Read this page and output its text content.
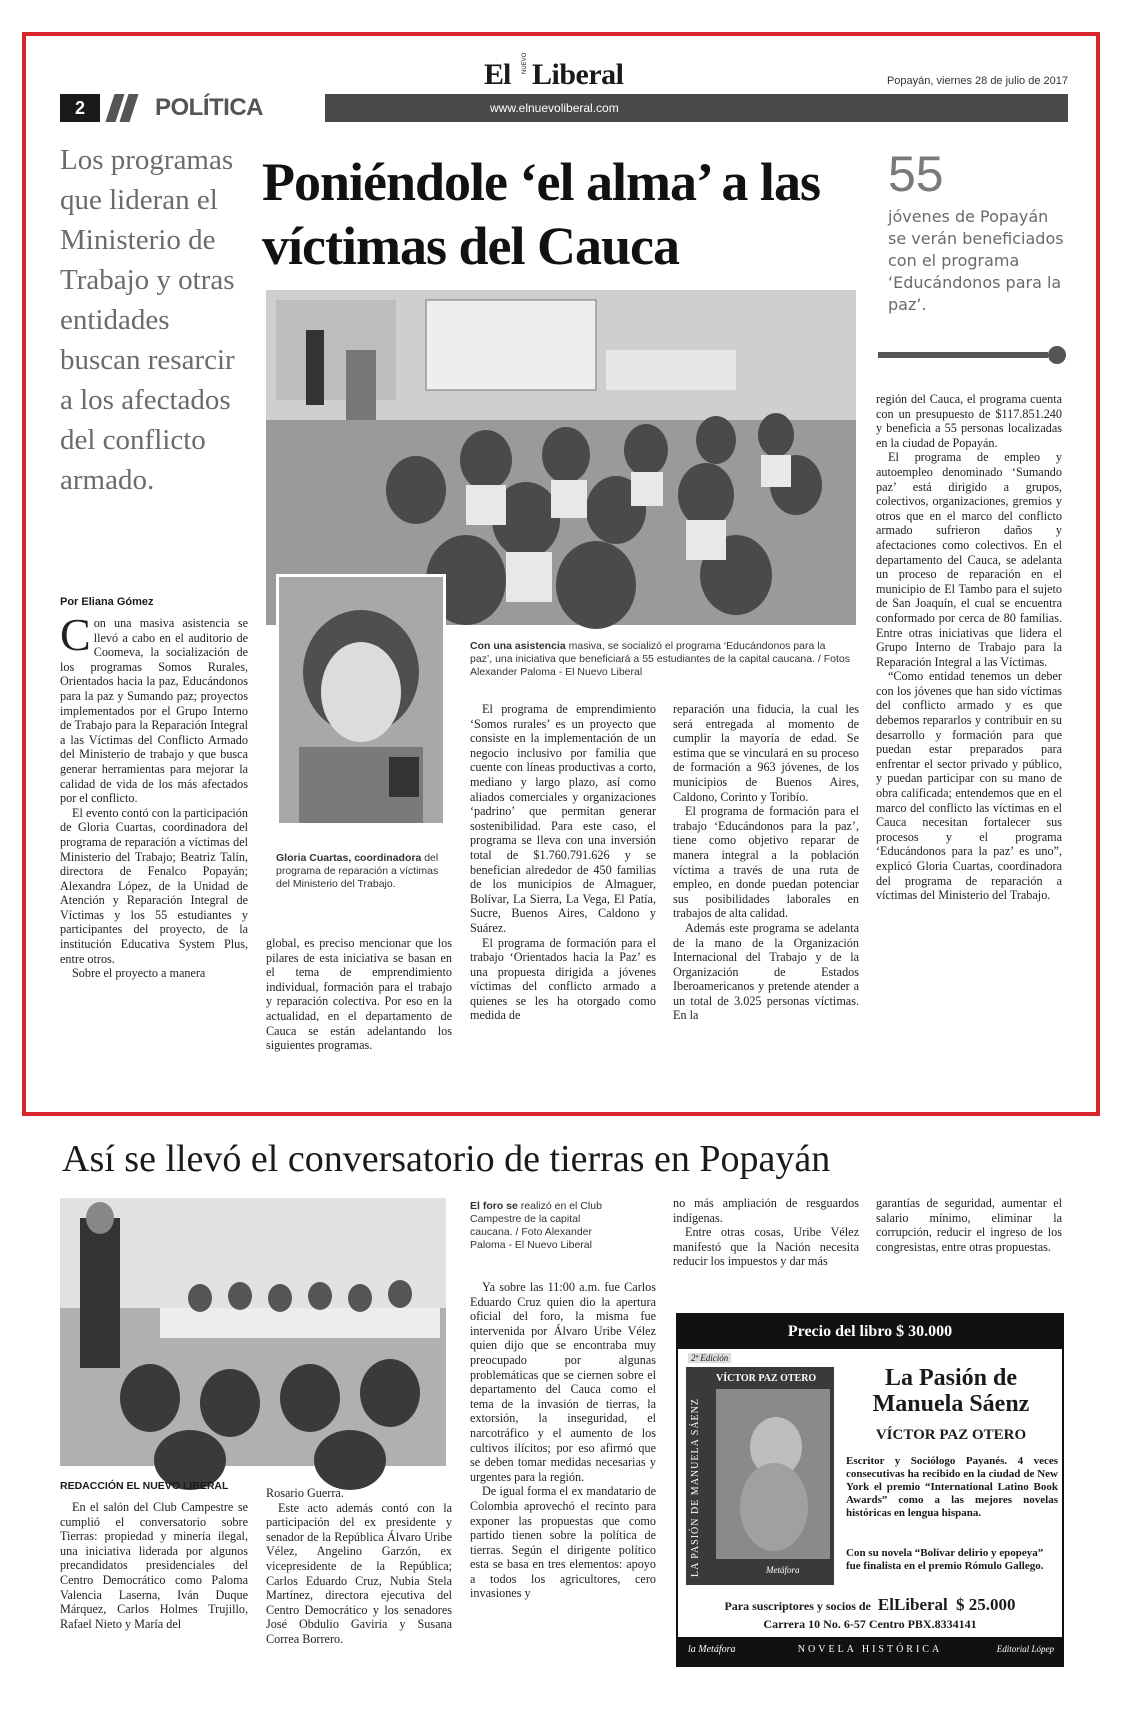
El NUEVO Liberal	Popayán, viernes 28 de julio de 2017
2	POLÍTICA	www.elnuevoliberal.com
Los programas que lideran el Ministerio de Trabajo y otras entidades buscan resarcir a los afectados del conflicto armado.
Poniéndole ‘el alma’ a las víctimas del Cauca
55
jóvenes de Popayán se verán beneficiados con el programa ‘Educándonos para la paz’.
Con una asistencia masiva, se socializó el programa ‘Educándonos para la paz’, una iniciativa que beneficiará a 55 estudiantes de la capital caucana. / Fotos Alexander Paloma - El Nuevo Liberal
Gloria Cuartas, coordinadora del programa de reparación a víctimas del Ministerio del Trabajo.
Por Eliana Gómez

Con una masiva asistencia se llevó a cabo en el auditorio de Coomeva, la socialización de los programas Somos Rurales, Orientados hacia la paz, Educándonos para la paz y Sumando paz; proyectos implementados por el Grupo Interno de Trabajo para la Reparación Integral a las Víctimas del Conflicto Armado del Ministerio de trabajo y que busca generar herramientas para mejorar la calidad de vida de los más afectados por el conflicto.

El evento contó con la participación de Gloria Cuartas, coordinadora del programa de reparación a víctimas del Ministerio del Trabajo; Beatriz Talín, directora de Fenalco Popayán; Alexandra López, de la Unidad de Atención y Reparación Integral de Víctimas y los 55 estudiantes y participantes del proyecto, de la institución Educativa System Plus, entre otros.

Sobre el proyecto a manera

global, es preciso mencionar que los pilares de esta iniciativa se basan en el tema de emprendimiento individual, formación para el trabajo y reparación colectiva. Por eso en la actualidad, en el departamento de Cauca se están adelantando los siguientes programas.

El programa de emprendimiento ‘Somos rurales’ es un proyecto que consiste en la implementación de un negocio inclusivo por familia que cuente con líneas productivas a corto, mediano y largo plazo, así como aliados comerciales y organizaciones ‘padrino’ que permitan generar sostenibilidad. Para este caso, el programa se lleva con una inversión total de $1.760.791.626 y se benefician alrededor de 450 familias de los municipios de Almaguer, Bolívar, La Sierra, La Vega, El Patía, Sucre, Buenos Aires, Caldono y Suárez.

El programa de formación para el trabajo ‘Orientados hacia la Paz’ es una propuesta dirigida a jóvenes víctimas del conflicto armado a quienes se les ha otorgado como medida de

reparación una fiducia, la cual les será entregada al momento de cumplir la mayoría de edad. Se estima que se vinculará en su proceso de formación a 963 jóvenes, de los municipios de Buenos Aires, Caldono, Corinto y Toribío.

El programa de formación para el trabajo ‘Educándonos para la paz’, tiene como objetivo reparar de manera integral a la población víctima a través de una ruta de empleo, en donde puedan potenciar sus posibilidades laborales en trabajos de alta calidad.

Además este programa se adelanta de la mano de la Organización Internacional del Trabajo y de la Organización de Estados Iberoamericanos y pretende atender a un total de 3.025 personas víctimas. En la

región del Cauca, el programa cuenta con un presupuesto de $117.851.240 y beneficia a 55 personas localizadas en la ciudad de Popayán.

El programa de empleo y autoempleo denominado ‘Sumando paz’ está dirigido a grupos, colectivos, organizaciones, gremios y otros que en el marco del conflicto armado sufrieron daños y afectaciones como colectivos. En el departamento del Cauca, se adelanta un proceso de reparación en el municipio de El Tambo para el sujeto de San Joaquín, el cual se encuentra conformado por cerca de 80 familias. Entre otras iniciativas que lidera el Grupo Interno de Trabajo para la Reparación Integral a las Víctimas.

“Como entidad tenemos un deber con los jóvenes que han sido víctimas del conflicto armado y es que debemos repararlos y contribuir en su desarrollo y formación para que puedan estar preparados para enfrentar el sector privado y público, y puedan participar con su mano de obra calificada; entendemos que en el marco del conflicto las víctimas en el Cauca necesitan fortalecer sus procesos y el programa ‘Educándonos para la paz’ es uno”, explicó Gloria Cuartas, coordinadora del programa de reparación a víctimas del Ministerio del Trabajo.

Así se llevó el conversatorio de tierras en Popayán
El foro se realizó en el Club Campestre de la capital caucana. / Foto Alexander Paloma - El Nuevo Liberal
REDACCIÓN EL NUEVO LIBERAL

En el salón del Club Campestre se cumplió el conversatorio sobre Tierras: propiedad y minería ilegal, una iniciativa liderada por algunos precandidatos presidenciales del Centro Democrático como Paloma Valencia Laserna, Iván Duque Márquez, Carlos Holmes Trujillo, Rafael Nieto y María del

Rosario Guerra.

Este acto además contó con la participación del ex presidente y senador de la República Álvaro Uribe Vélez, Angelino Garzón, ex vicepresidente de la República; Carlos Eduardo Cruz, Nubia Stela Martínez, directora ejecutiva del Centro Democrático y los senadores José Obdulio Gaviria y Susana Correa Borrero.

Ya sobre las 11:00 a.m. fue Carlos Eduardo Cruz quien dio la apertura oficial del foro, la misma fue intervenida por Álvaro Uribe Vélez quien dijo que se encontraba muy preocupado por algunas problemáticas que se ciernen sobre el departamento del Cauca como el tema de la invasión de tierras, la extorsión, la inseguridad, el narcotráfico y el aumento de los cultivos ilícitos; por eso afirmó que se deben tomar medidas necesarias y urgentes para la región.

De igual forma el ex mandatario de Colombia aprovechó el recinto para exponer las propuestas que como partido tienen sobre la política de tierras. Según el dirigente político esta se basa en tres elementos: apoyo a todos los agricultores, cero invasiones y

no más ampliación de resguardos indígenas.

Entre otras cosas, Uribe Vélez manifestó que la Nación necesita reducir los impuestos y dar más

garantías de seguridad, aumentar el salario mínimo, eliminar la corrupción, reducir el ingreso de los congresistas, entre otras propuestas.

Precio del libro $ 30.000
2ª Edición
VÍCTOR PAZ OTERO
LA PASIÓN DE MANUELA SÁENZ	Metáfora
La Pasión de Manuela Sáenz
VÍCTOR PAZ OTERO
Escritor y Sociólogo Payanés. 4 veces consecutivas ha recibido en la ciudad de New York el premio “International Latino Book Awards” como a las mejores novelas históricas en lengua hispana.
Con su novela “Bolívar delirio y epopeya” fue finalista en el premio Rómulo Gallego.
Para suscriptores y socios de ElLiberal $ 25.000
Carrera 10 No. 6-57 Centro PBX.8334141
la Metáfora	NOVELA HISTÓRICA	Editorial Lópep
